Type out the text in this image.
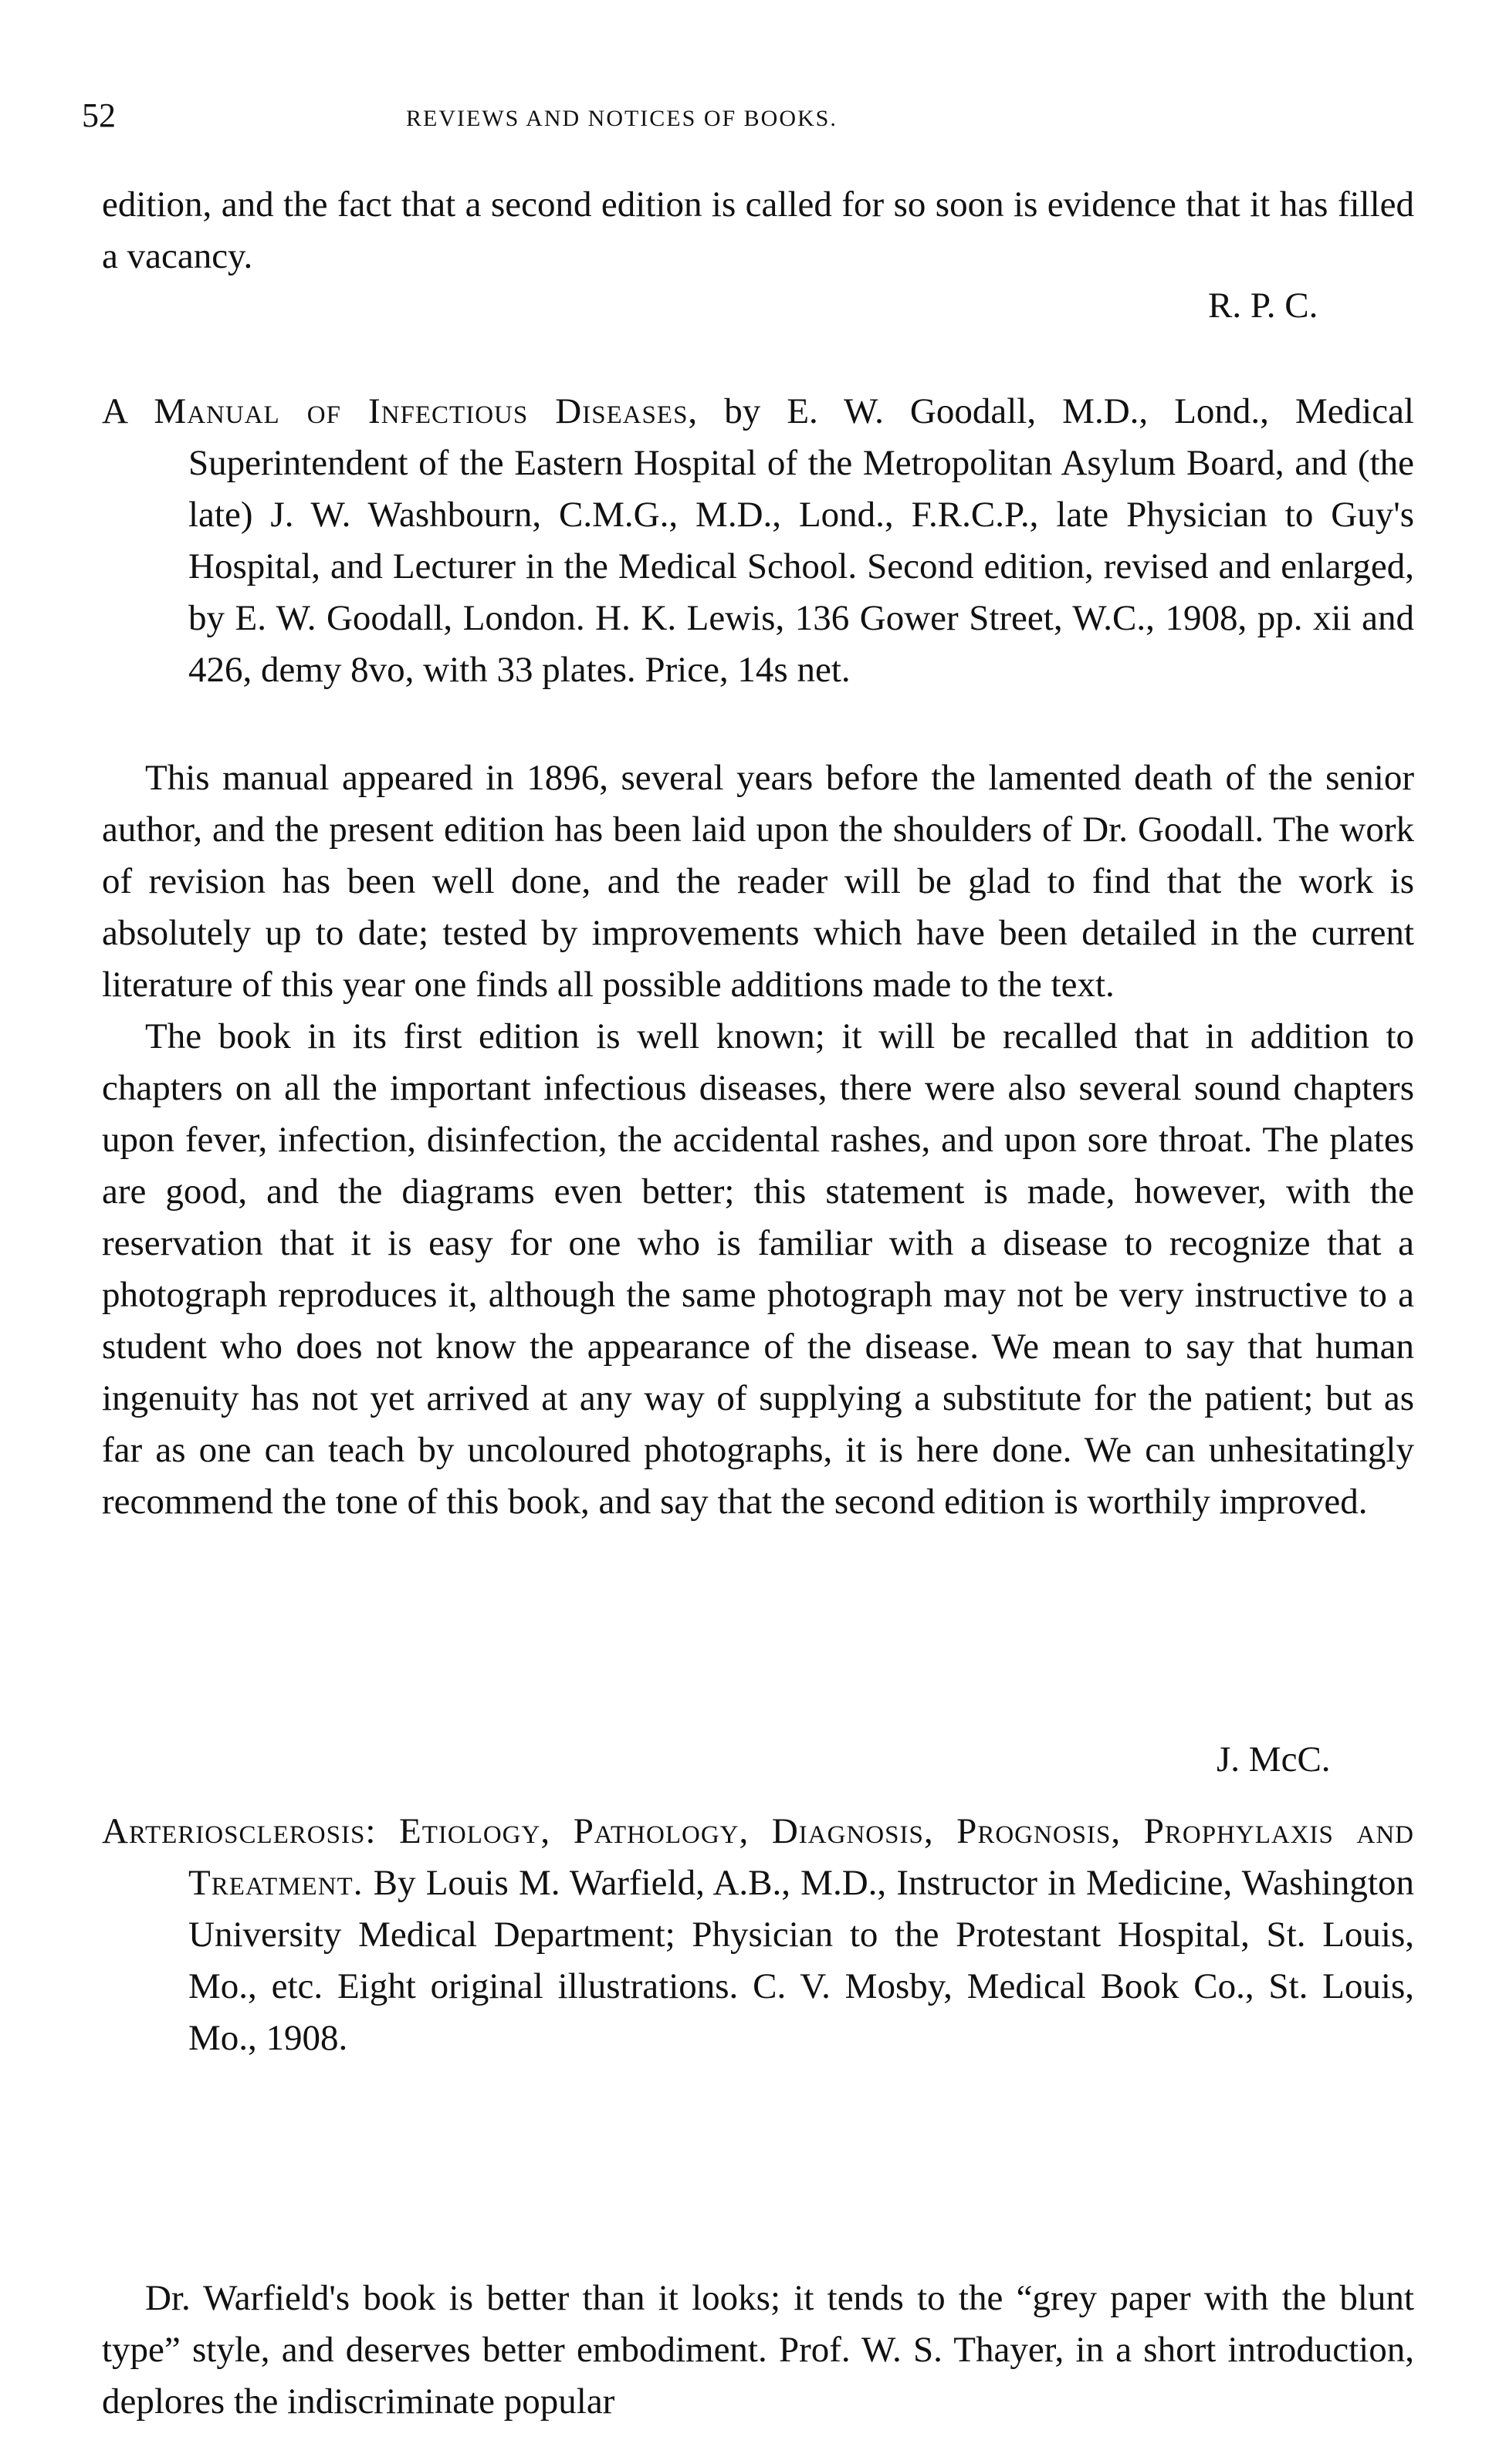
52	REVIEWS AND NOTICES OF BOOKS.

edition, and the fact that a second edition is called for so soon is evidence that it has filled a vacancy.

R. P. C.

A Manual of Infectious Diseases, by E. W. Goodall, M.D., Lond., Medical Superintendent of the Eastern Hospital of the Metropolitan Asylum Board, and (the late) J. W. Washbourn, C.M.G., M.D., Lond., F.R.C.P., late Physician to Guy's Hospital, and Lecturer in the Medical School. Second edition, revised and enlarged, by E. W. Goodall, London. H. K. Lewis, 136 Gower Street, W.C., 1908, pp. xii and 426, demy 8vo, with 33 plates. Price, 14s net.

This manual appeared in 1896, several years before the lamented death of the senior author, and the present edition has been laid upon the shoulders of Dr. Goodall. The work of revision has been well done, and the reader will be glad to find that the work is absolutely up to date; tested by improvements which have been detailed in the current literature of this year one finds all possible additions made to the text.

The book in its first edition is well known; it will be recalled that in addition to chapters on all the important infectious diseases, there were also several sound chapters upon fever, infection, disinfection, the accidental rashes, and upon sore throat. The plates are good, and the diagrams even better; this statement is made, however, with the reservation that it is easy for one who is familiar with a disease to recognize that a photograph reproduces it, although the same photograph may not be very instructive to a student who does not know the appearance of the disease. We mean to say that human ingenuity has not yet arrived at any way of supplying a substitute for the patient; but as far as one can teach by uncoloured photographs, it is here done. We can unhesitatingly recommend the tone of this book, and say that the second edition is worthily improved.

J. McC.

Arteriosclerosis: Etiology, Pathology, Diagnosis, Prognosis, Prophylaxis and Treatment. By Louis M. Warfield, A.B., M.D., Instructor in Medicine, Washington University Medical Department; Physician to the Protestant Hospital, St. Louis, Mo., etc. Eight original illustrations. C. V. Mosby, Medical Book Co., St. Louis, Mo., 1908.

Dr. Warfield's book is better than it looks; it tends to the “grey paper with the blunt type” style, and deserves better embodiment. Prof. W. S. Thayer, in a short introduction, deplores the indiscriminate popular
